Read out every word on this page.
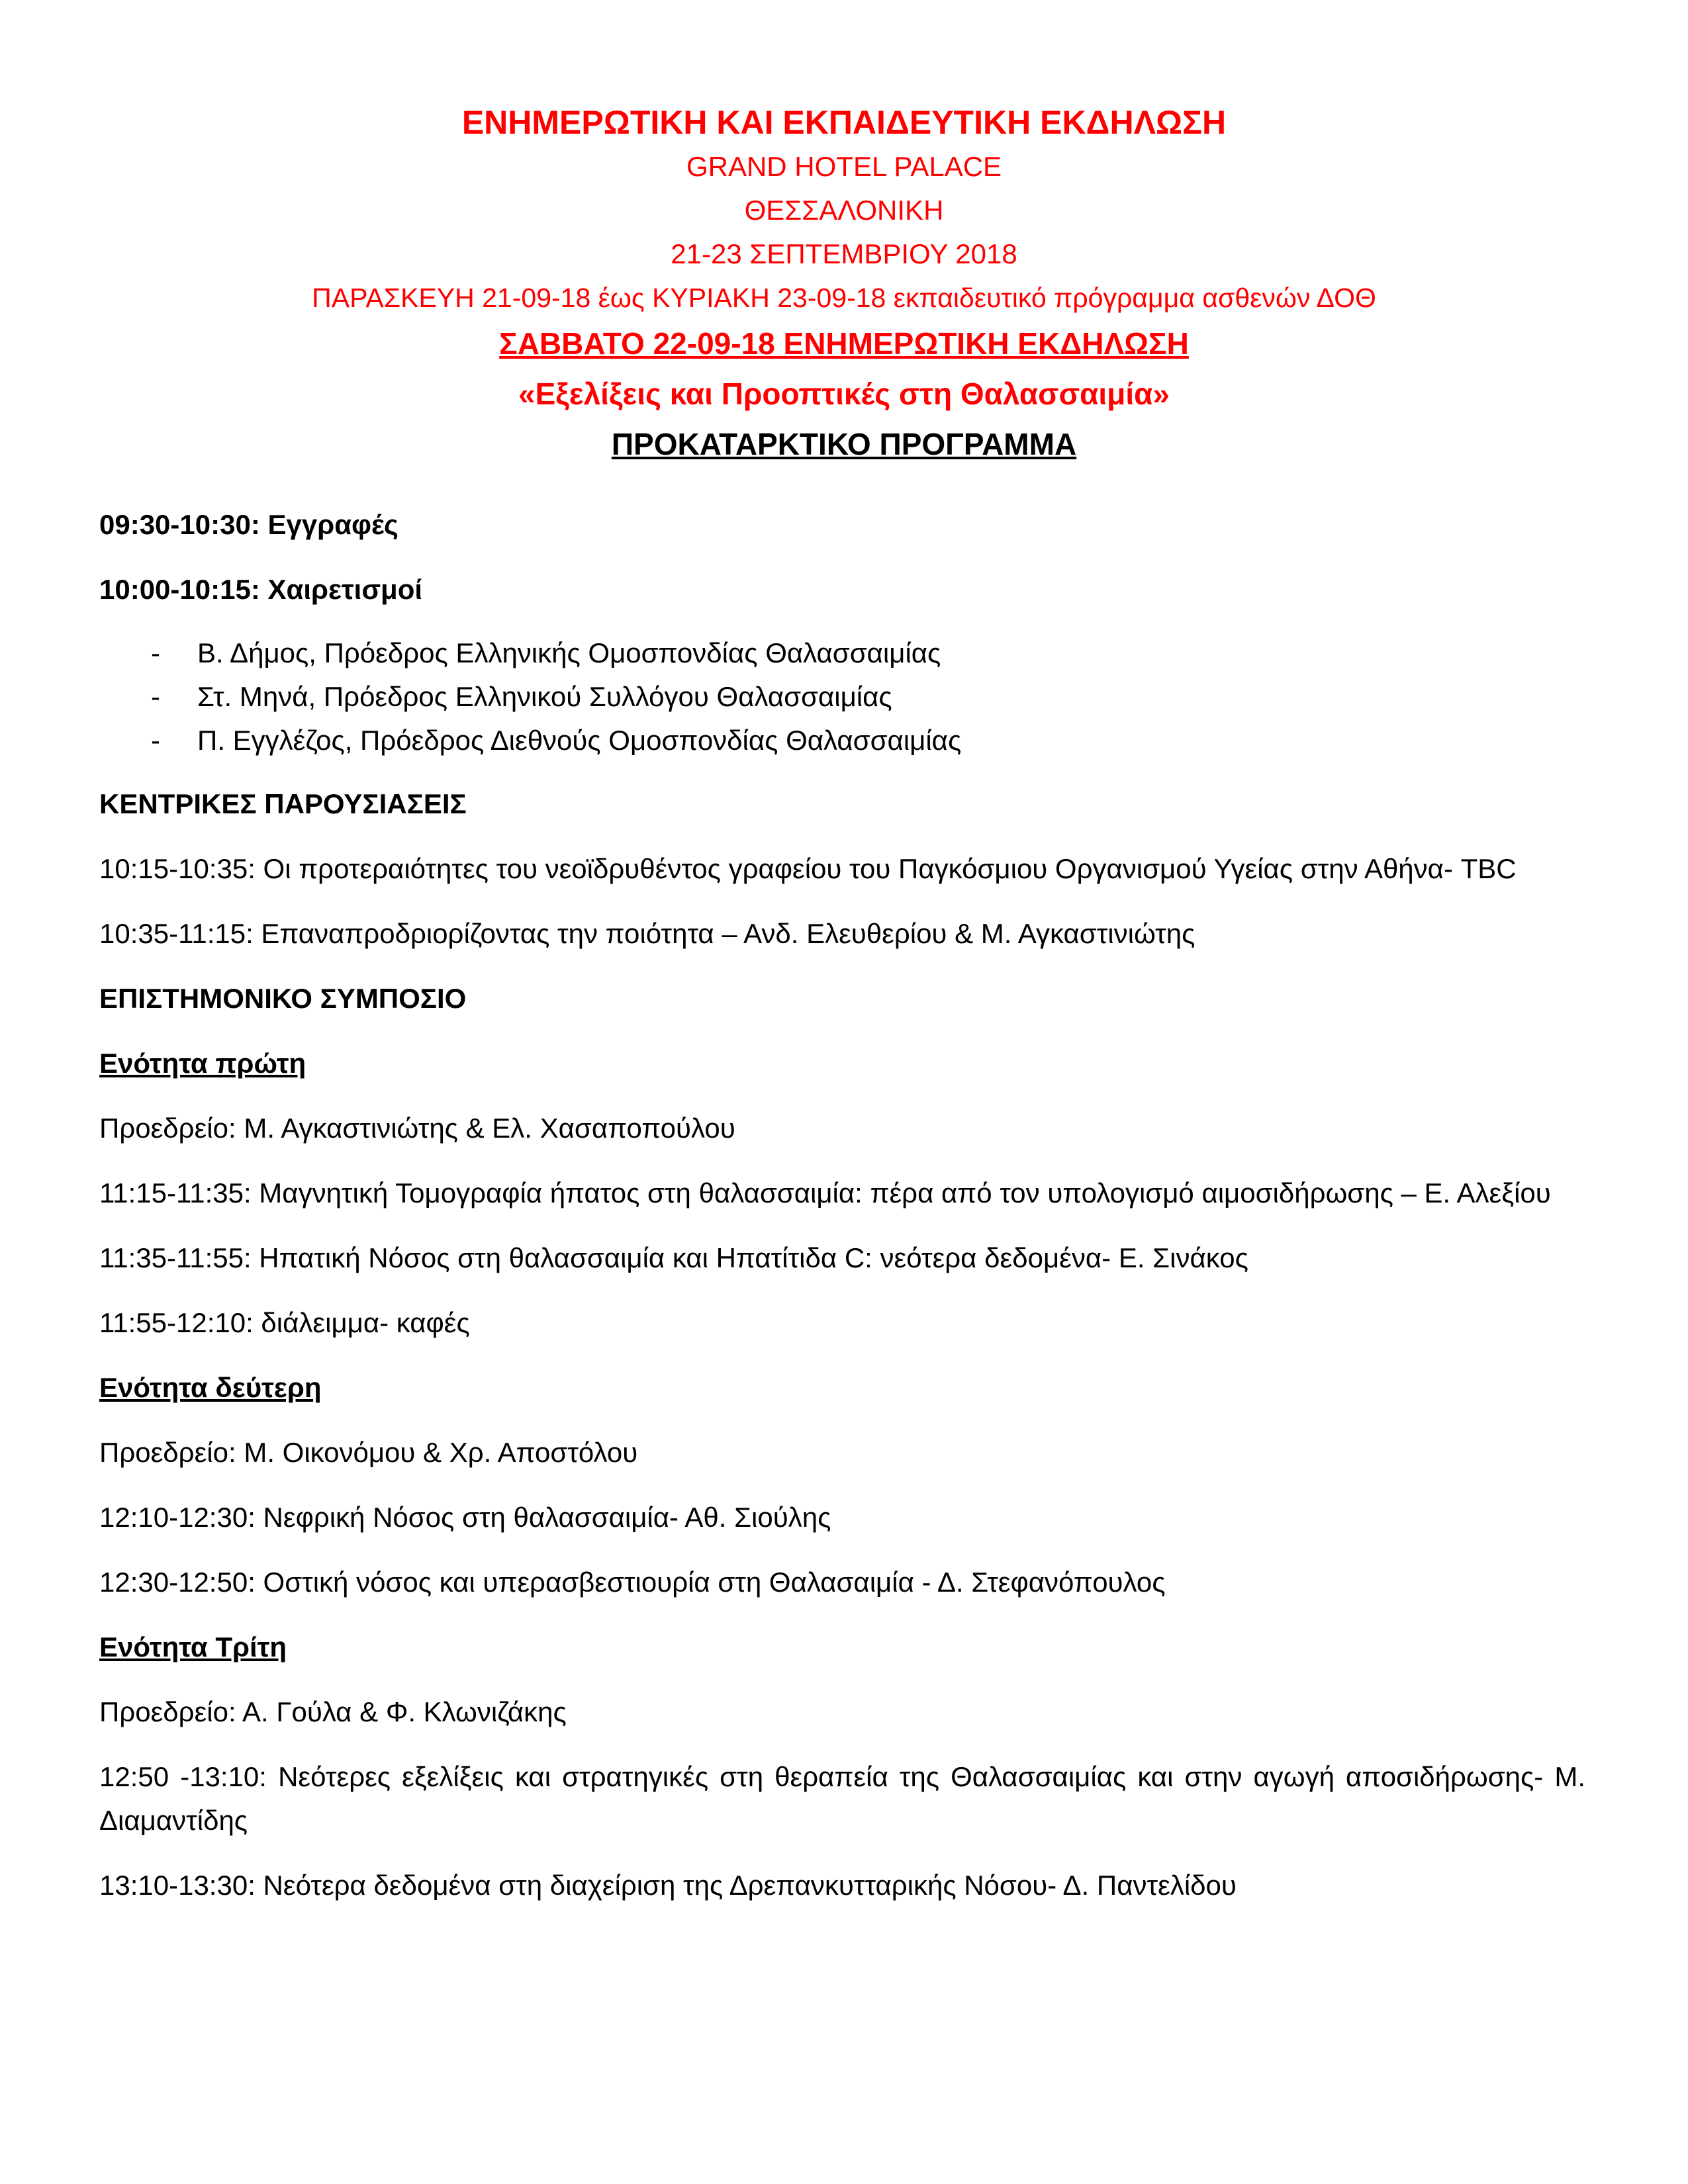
ΕΝΗΜΕΡΩΤΙΚΗ ΚΑΙ ΕΚΠΑΙΔΕΥΤΙΚΗ ΕΚΔΗΛΩΣΗ
GRAND HOTEL PALACE
ΘΕΣΣΑΛΟΝΙΚΗ
21-23 ΣΕΠΤΕΜΒΡΙΟΥ 2018
ΠΑΡΑΣΚΕΥΗ 21-09-18 έως ΚΥΡΙΑΚΗ 23-09-18 εκπαιδευτικό πρόγραμμα ασθενών ΔΟΘ
ΣΑΒΒΑΤΟ 22-09-18 ΕΝΗΜΕΡΩΤΙΚΗ ΕΚΔΗΛΩΣΗ
«Εξελίξεις και Προοπτικές στη Θαλασσαιμία»
ΠΡΟΚΑΤΑΡΚΤΙΚΟ ΠΡΟΓΡΑΜΜΑ
09:30-10:30: Εγγραφές
10:00-10:15: Χαιρετισμοί
- Β. Δήμος, Πρόεδρος Ελληνικής Ομοσπονδίας Θαλασσαιμίας
- Στ. Μηνά, Πρόεδρος Ελληνικού Συλλόγου Θαλασσαιμίας
- Π. Εγγλέζος, Πρόεδρος Διεθνούς Ομοσπονδίας Θαλασσαιμίας
ΚΕΝΤΡΙΚΕΣ ΠΑΡΟΥΣΙΑΣΕΙΣ
10:15-10:35: Οι προτεραιότητες του νεοϊδρυθέντος γραφείου του Παγκόσμιου Οργανισμού Υγείας στην Αθήνα- TBC
10:35-11:15: Επαναπροδριορίζοντας την ποιότητα – Ανδ. Ελευθερίου & Μ. Αγκαστινιώτης
ΕΠΙΣΤΗΜΟΝΙΚΟ ΣΥΜΠΟΣΙΟ
Ενότητα πρώτη
Προεδρείο: Μ. Αγκαστινιώτης & Ελ. Χασαποπούλου
11:15-11:35: Μαγνητική Τομογραφία ήπατος στη θαλασσαιμία: πέρα από τον υπολογισμό αιμοσιδήρωσης – Ε. Αλεξίου
11:35-11:55: Ηπατική Νόσος στη θαλασσαιμία και Ηπατίτιδα C: νεότερα δεδομένα- Ε. Σινάκος
11:55-12:10: διάλειμμα- καφές
Ενότητα δεύτερη
Προεδρείο: Μ. Οικονόμου & Χρ. Αποστόλου
12:10-12:30: Νεφρική Νόσος στη θαλασσαιμία- Αθ. Σιούλης
12:30-12:50: Οστική νόσος και υπερασβεστιουρία στη Θαλασαιμία - Δ. Στεφανόπουλος
Ενότητα Τρίτη
Προεδρείο: Α. Γούλα & Φ. Κλωνιζάκης
12:50 -13:10: Νεότερες εξελίξεις και στρατηγικές στη θεραπεία της Θαλασσαιμίας και στην αγωγή αποσιδήρωσης- Μ. Διαμαντίδης
13:10-13:30: Νεότερα δεδομένα στη διαχείριση της Δρεπανκυτταρικής Νόσου- Δ. Παντελίδου
